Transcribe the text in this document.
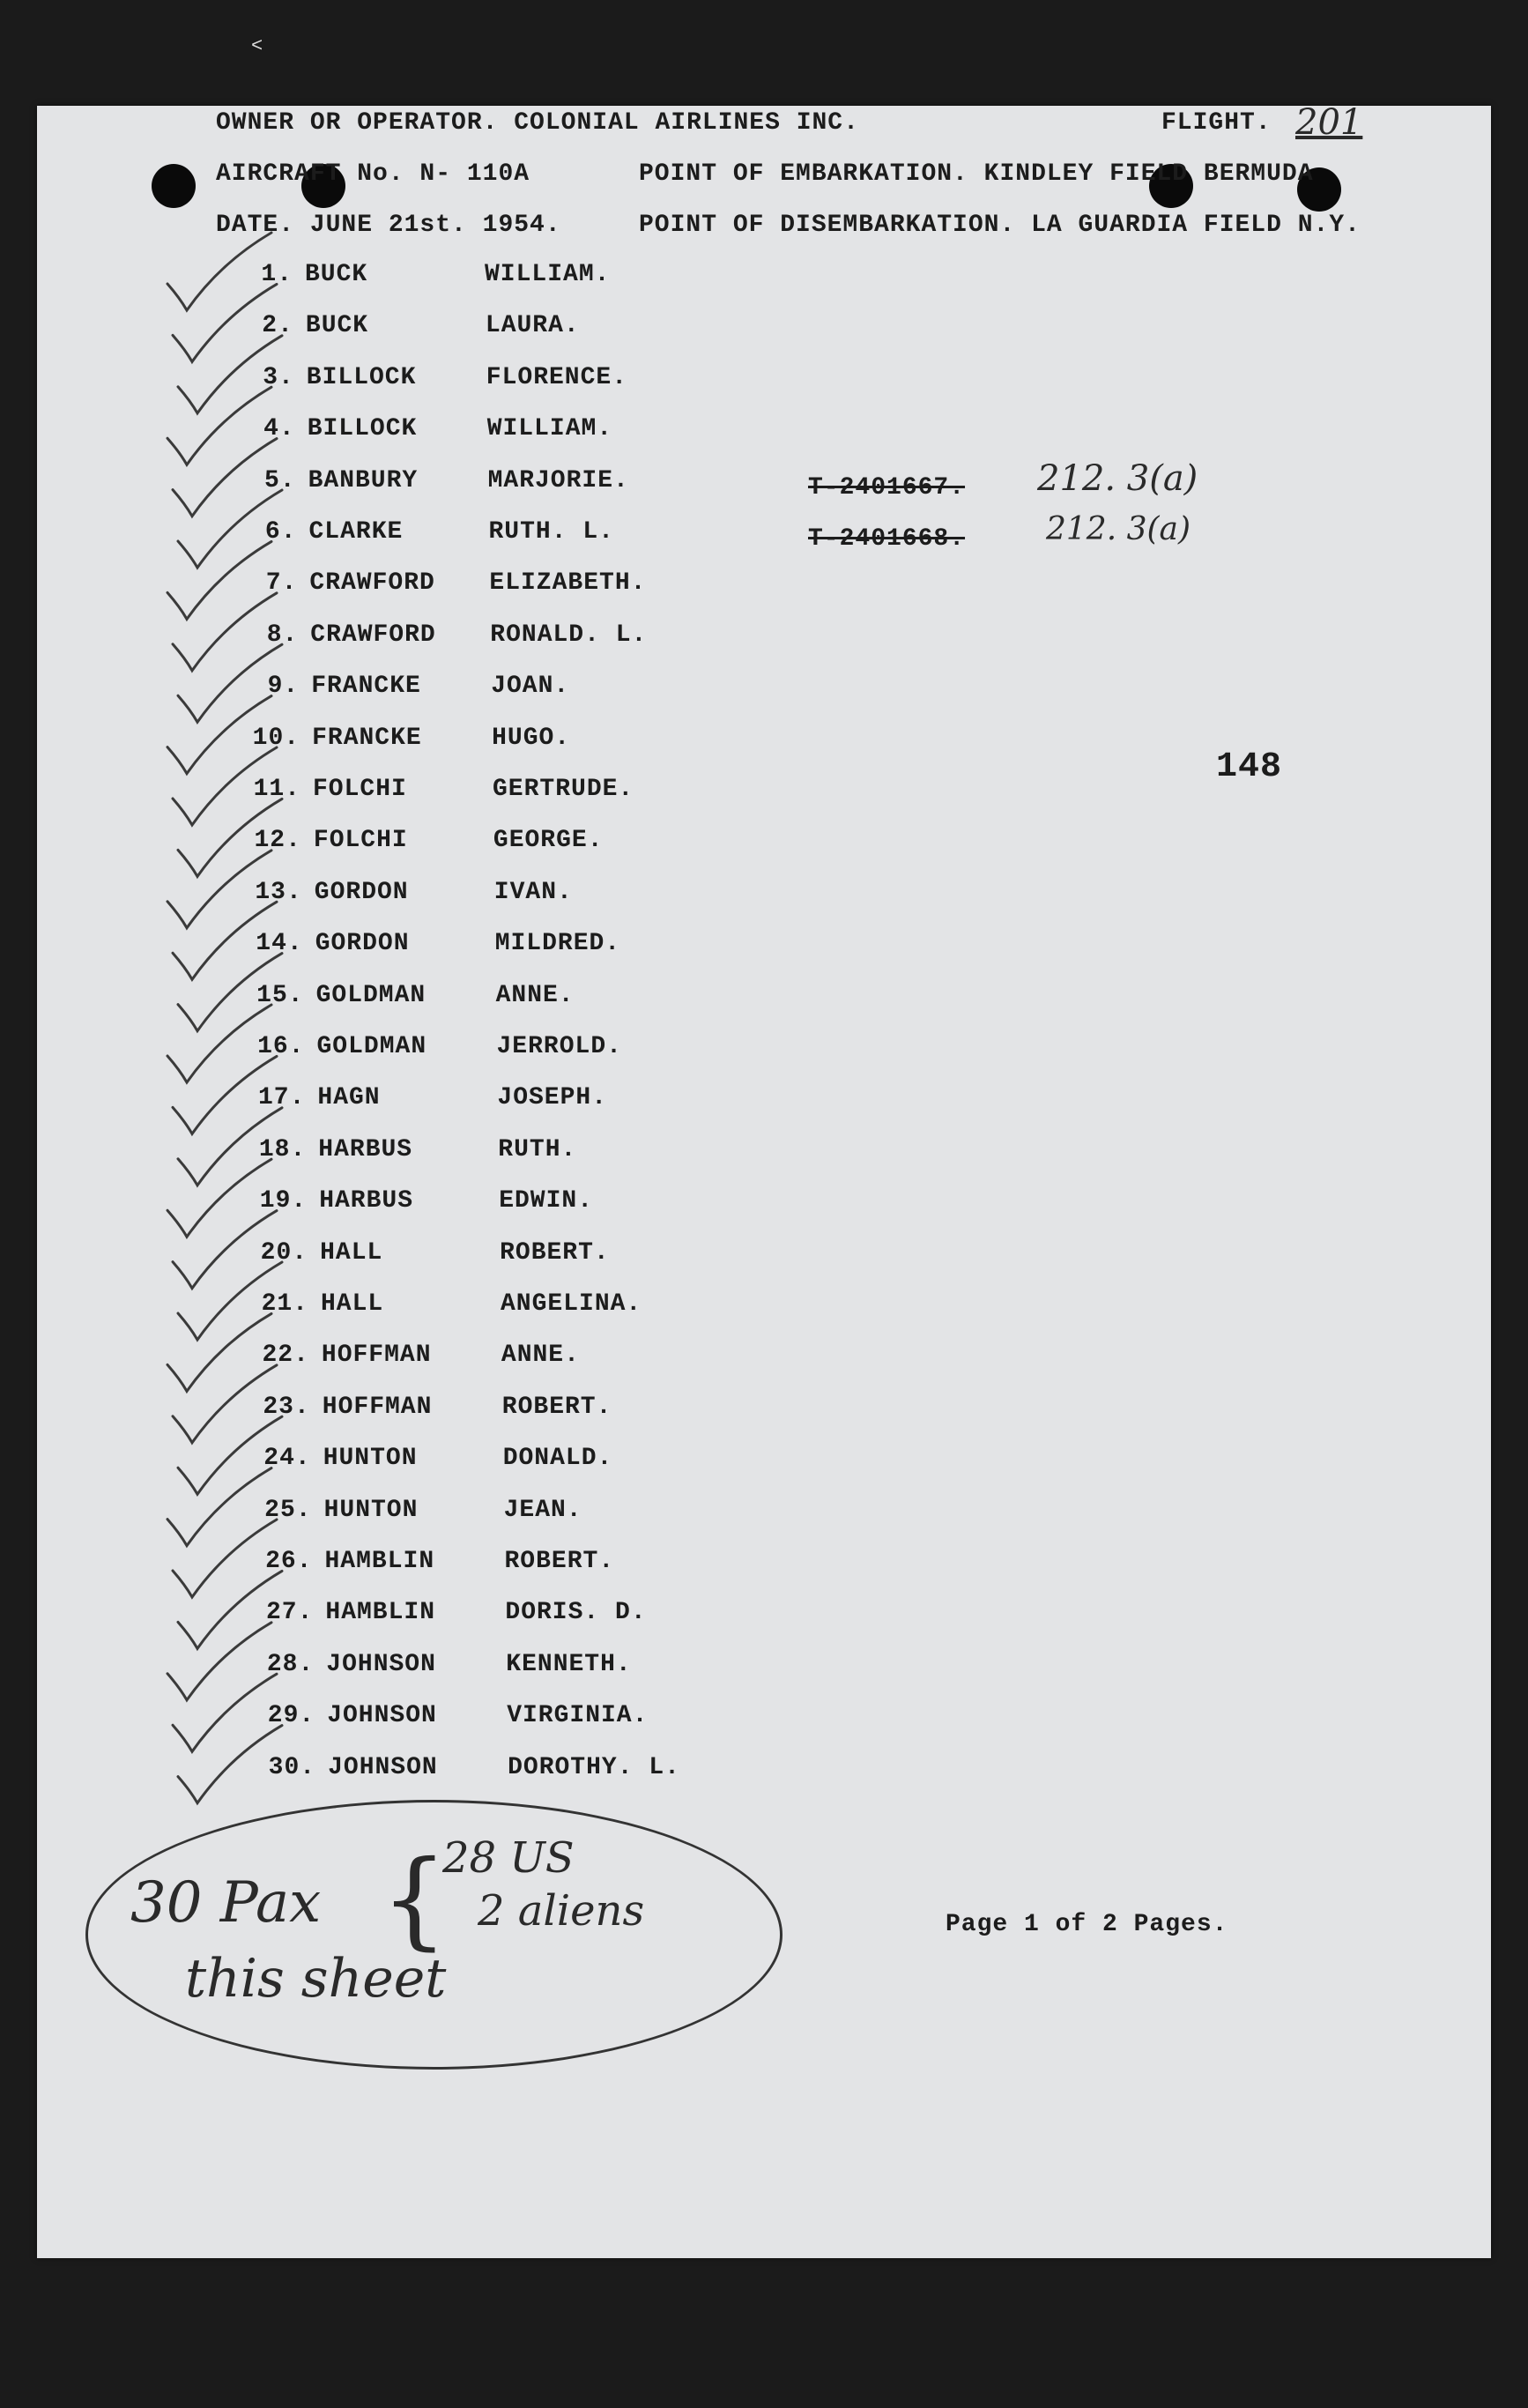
<
OWNER OR OPERATOR. COLONIAL AIRLINES INC.	FLIGHT. 201
AIRCRAFT No. N- 110A	POINT OF EMBARKATION. KINDLEY FIELD BERMUDA
DATE. JUNE 21st. 1954.	POINT OF DISEMBARKATION. LA GUARDIA FIELD N.Y.
1. BUCK	WILLIAM.
2. BUCK	LAURA.
3. BILLOCK	FLORENCE.
4. BILLOCK	WILLIAM.
5. BANBURY	MARJORIE.
6. CLARKE	RUTH. L.
7. CRAWFORD ELIZABETH.
8. CRAWFORD RONALD. L.
9. FRANCKE	JOAN.
10. FRANCKE	HUGO.
11. FOLCHI	GERTRUDE.
12. FOLCHI	GEORGE.
13. GORDON	IVAN.
14. GORDON	MILDRED.
15. GOLDMAN	ANNE.
16. GOLDMAN	JERROLD.
17. HAGN	JOSEPH.
18. HARBUS	RUTH.
19. HARBUS	EDWIN.
20. HALL	ROBERT.
21. HALL	ANGELINA.
22. HOFFMAN	ANNE.
23. HOFFMAN	ROBERT.
24. HUNTON	DONALD.
25. HUNTON	JEAN.
26. HAMBLIN	ROBERT.
27. HAMBLIN	DORIS. D.
28. JOHNSON	KENNETH.
29. JOHNSON	VIRGINIA.
30. JOHNSON	DOROTHY. L.
T-2401667. 212. 3(a)
T-2401668.	212. 3(a)
148
30 Pax {
28 US
2 aliens
this sheet
Page 1 of 2 Pages.
